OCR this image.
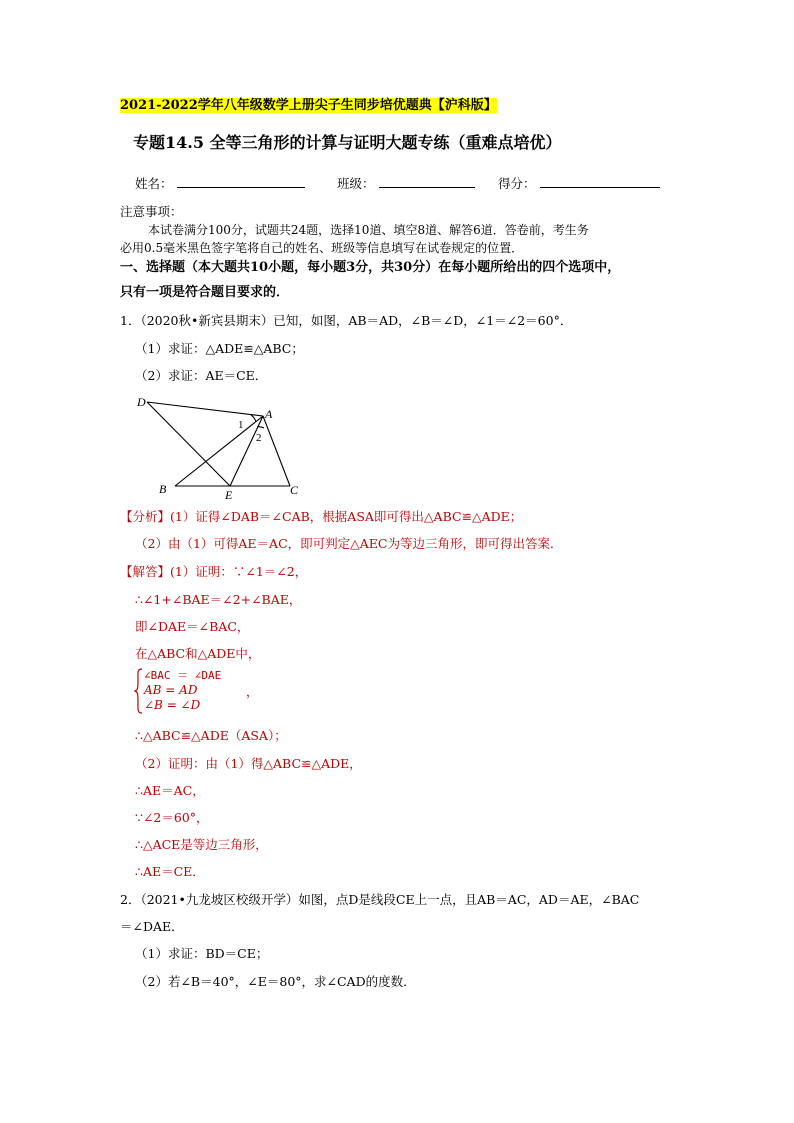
2021-2022学年八年级数学上册尖子生同步培优题典【沪科版】
专题14.5 全等三角形的计算与证明大题专练（重难点培优）
姓名：	班级：	得分：
注意事项：
本试卷满分100分，试题共24题，选择10道、填空8道、解答6道．答卷前，考生务
必用0.5毫米黑色签字笔将自己的姓名、班级等信息填写在试卷规定的位置．
一、选择题（本大题共10小题，每小题3分，共30分）在每小题所给出的四个选项中，
只有一项是符合题目要求的．
1．（2020秋•新宾县期末）已知，如图，AB＝AD，∠B＝∠D，∠1＝∠2＝60°．
（1）求证：△ADE≌△ABC；
（2）求证：AE＝CE．
D
A
B	E	C
1
2
【分析】(1）证得∠DAB＝∠CAB，根据ASA即可得出△ABC≌△ADE；
（2）由（1）可得AE＝AC，即可判定△AEC为等边三角形，即可得出答案．
【解答】(1）证明：∵∠1＝∠2，
∴∠1+∠BAE＝∠2+∠BAE，
即∠DAE＝∠BAC，
在△ABC和△ADE中，
∠BAC ＝ ∠DAE
AB = AD
∠B = ∠D
，
∴△ABC≌△ADE（ASA）；
（2）证明：由（1）得△ABC≌△ADE，
∴AE＝AC，
∵∠2＝60°，
∴△ACE是等边三角形，
∴AE＝CE．
2．（2021•九龙坡区校级开学）如图，点D是线段CE上一点，且AB＝AC，AD＝AE，∠BAC
＝∠DAE．
（1）求证：BD＝CE；
（2）若∠B＝40°，∠E＝80°，求∠CAD的度数．
